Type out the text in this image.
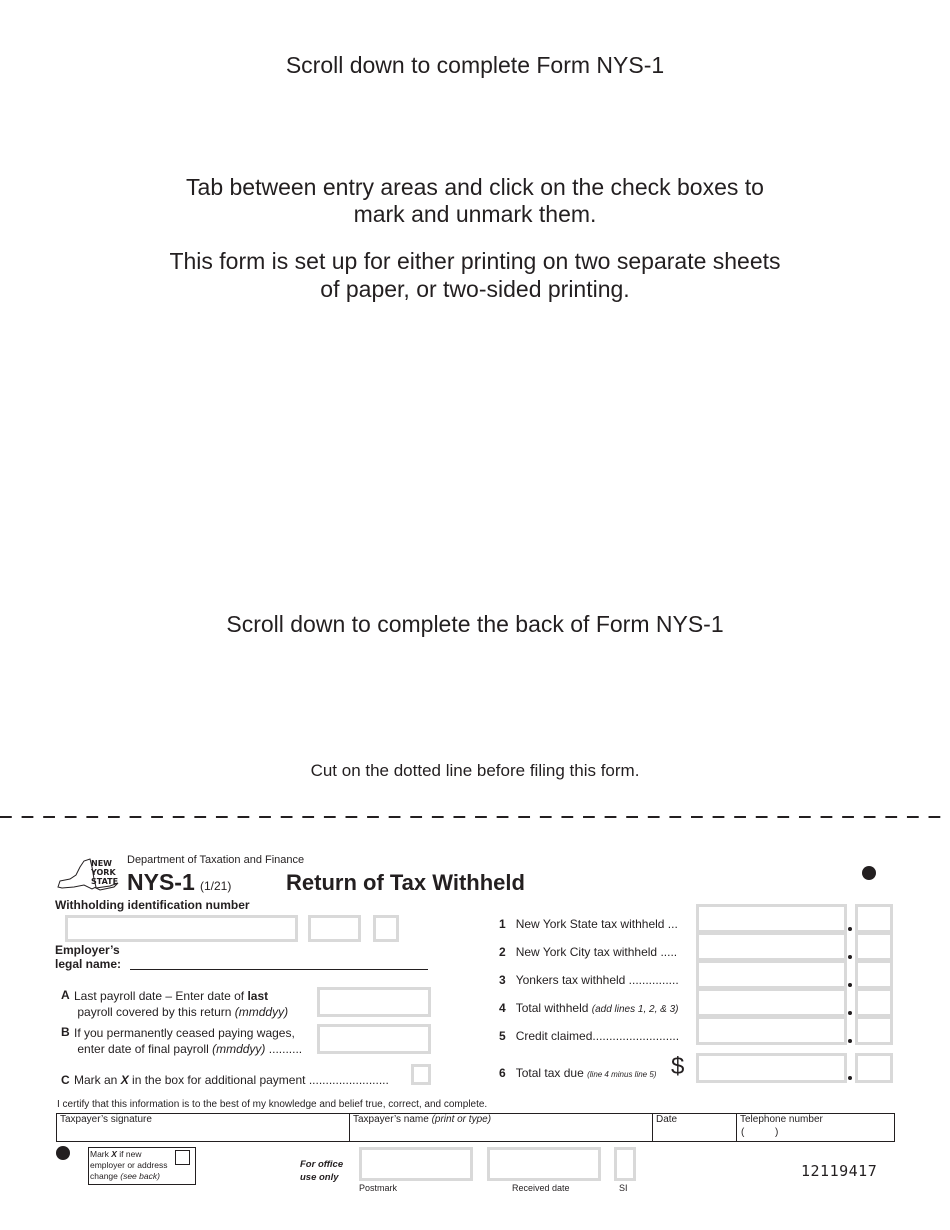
Scroll down to complete Form NYS-1
Tab between entry areas and click on the check boxes to
mark and unmark them.
This form is set up for either printing on two separate sheets
of paper, or two-sided printing.
Scroll down to complete the back of Form NYS-1
Cut on the dotted line before filing this form.
NEW
YORK
STATE
Department of Taxation and Finance
NYS-1 (1/21) Return of Tax Withheld
Withholding identification number
Employer’s
legal name:
A Last payroll date – Enter date of last
payroll covered by this return (mmddyy)
B If you permanently ceased paying wages,
enter date of final payroll (mmddyy) ..........
C Mark an X in the box for additional payment ........................
1 New York State tax withheld ...
2 New York City tax withheld .....
3 Yonkers tax withheld ...............
4 Total withheld (add lines 1, 2, & 3)
5 Credit claimed..........................
6 Total tax due (line 4 minus line 5) $
I certify that this information is to the best of my knowledge and belief true, correct, and complete.
Taxpayer’s signature	Taxpayer’s name (print or type)	Date	Telephone number
(	)
Mark X if new
employer or address
change (see back)
For office
use only
Postmark	Received date	SI
12119417
